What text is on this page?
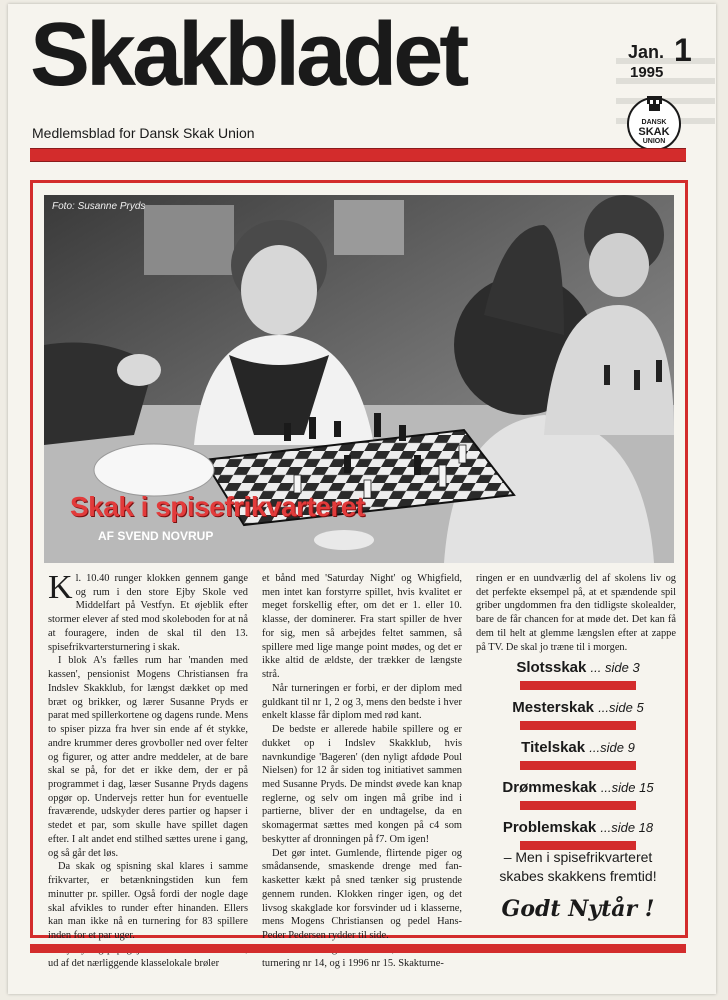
Skakbladet
Medlemsblad for Dansk Skak Union
Jan. 1
1995
DANSK
SKAK
UNION
Foto: Susanne Pryds
Skak i spisefrikvarteret
AF SVEND NOVRUP
K l. 10.40 runger klokken gennem gange og rum i den store Ejby Skole ved Middelfart på Vestfyn. Et øjeblik efter stormer elever af sted mod skoleboden for at nå at fouragere, inden de skal til den 13. spisefrikvartersturnering i skak.

I blok A's fælles rum har 'manden med kassen', pensionist Mogens Christiansen fra Indslev Skakklub, for længst dækket op med bræt og brikker, og lærer Susanne Pryds er parat med spillerkortene og dagens runde. Mens to spiser pizza fra hver sin ende af ét stykke, andre krummer deres grovboller ned over felter og figurer, og atter andre meddeler, at de bare skal se på, for det er ikke dem, der er på programmet i dag, læser Susanne Pryds dagens opgør op. Undervejs retter hun for eventuelle fraværende, udskyder deres partier og hapser i stedet et par, som skulle have spillet dagen efter. I alt andet end stilhed sættes urene i gang, og så går det løs.

Da skak og spisning skal klares i samme frikvarter, er betænkningstiden kun fem minutter pr. spiller. Også fordi der nogle dage skal afvikles to runder efter hinanden. Ellers kan man ikke nå en turnering for 83 spillere inden for et par uger.

ud af det nærliggende klasselokale brøler

et bånd med 'Saturday Night' og Whigfield, men intet kan forstyrre spillet, hvis kvalitet er meget forskellig efter, om det er 1. eller 10. klasse, der dominerer. Fra start spiller de hver for sig, men så arbejdes feltet sammen, så spillere med lige mange point mødes, og det er ikke altid de ældste, der trækker de længste strå.

Når turneringen er forbi, er der diplom med guldkant til nr 1, 2 og 3, mens den bedste i hver enkelt klasse får diplom med rød kant.

De bedste er allerede habile spillere og er dukket op i Indslev Skakklub, hvis navnkundige 'Bageren' (den nyligt afdøde Poul Nielsen) for 12 år siden tog initiativet sammen med Susanne Pryds. De mindst øvede kan knap reglerne, og selv om ingen må gribe ind i partierne, bliver der en undtagelse, da en skomagermat sættes med kongen på c4 som beskytter af dronningen på f7. Om igen!

Det gør intet. Gumlende, flirtende piger og smådansende, smaskende drenge med fan-kasketter kækt på sned tænker sig prustende gennem runden. Klokken ringer igen, og det livsog skakglade kor forsvinder ud i klasserne, mens Mogens Christiansen og pedel Hans-Peder Pedersen rydder til side.

turnering nr 14, og i 1996 nr 15. Skakturne-

ringen er en uundværlig del af skolens liv og det perfekte eksempel på, at et spændende spil griber ungdommen fra den tidligste skolealder, bare de får chancen for at møde det. Det kan få dem til helt at glemme længslen efter at zappe på TV. De skal jo træne til i morgen.

Slotsskak ... side 3
Mesterskak ...side 5
Titelskak ...side 9
Drømmeskak ...side 15
Problemskak ...side 18
– Men i spisefrikvarteret
skabes skakkens fremtid!
Godt Nytår !
